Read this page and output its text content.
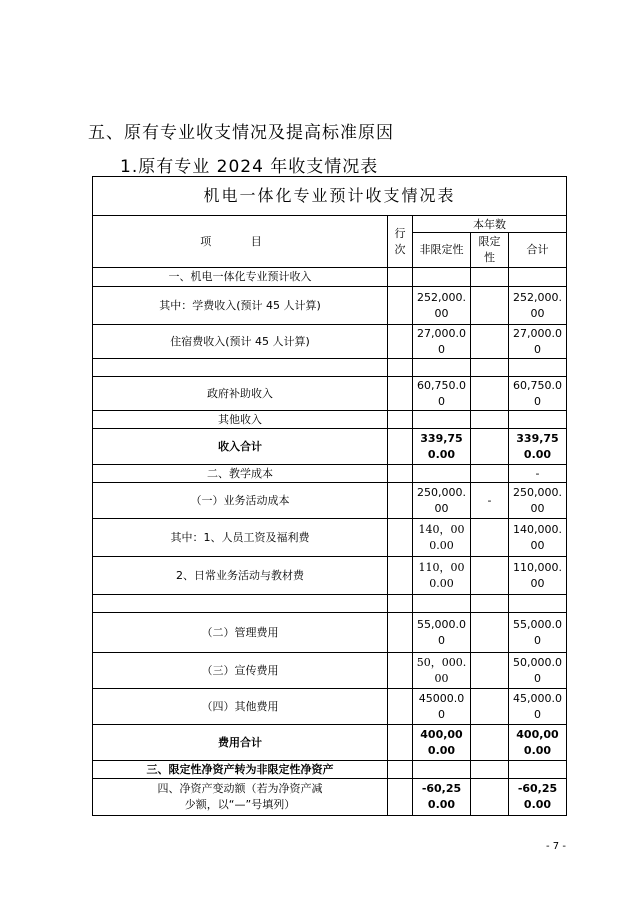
五、原有专业收支情况及提高标准原因
1.原有专业 2024 年收支情况表
机电一体化专业预计收支情况表
项 目
行次
本年数
非限定性
限定性
合计
一、机电一体化专业预计收入
其中：学费收入(预计 45 人计算)
252,000.00
252,000.00
住宿费收入(预计 45 人计算)
27,000.00
27,000.00
政府补助收入
60,750.00
60,750.00
其他收入
收入合计
339,750.00
339,750.00
二、教学成本	-
（一）业务活动成本
250,000.00
-
250,000.00
其中：1、人员工资及福利费
140，000.00
140,000.00
2、日常业务活动与教材费
110，000.00
110,000.00
（二）管理费用
55,000.00
55,000.00
（三）宣传费用
50，000.00
50,000.00
（四）其他费用
45000.00
45,000.00
费用合计
400,000.00
400,000.00
三、限定性净资产转为非限定性净资产
四、净资产变动额（若为净资产减少额，以“—”号填列）
-60,250.00
-60,250.00
- 7 -
